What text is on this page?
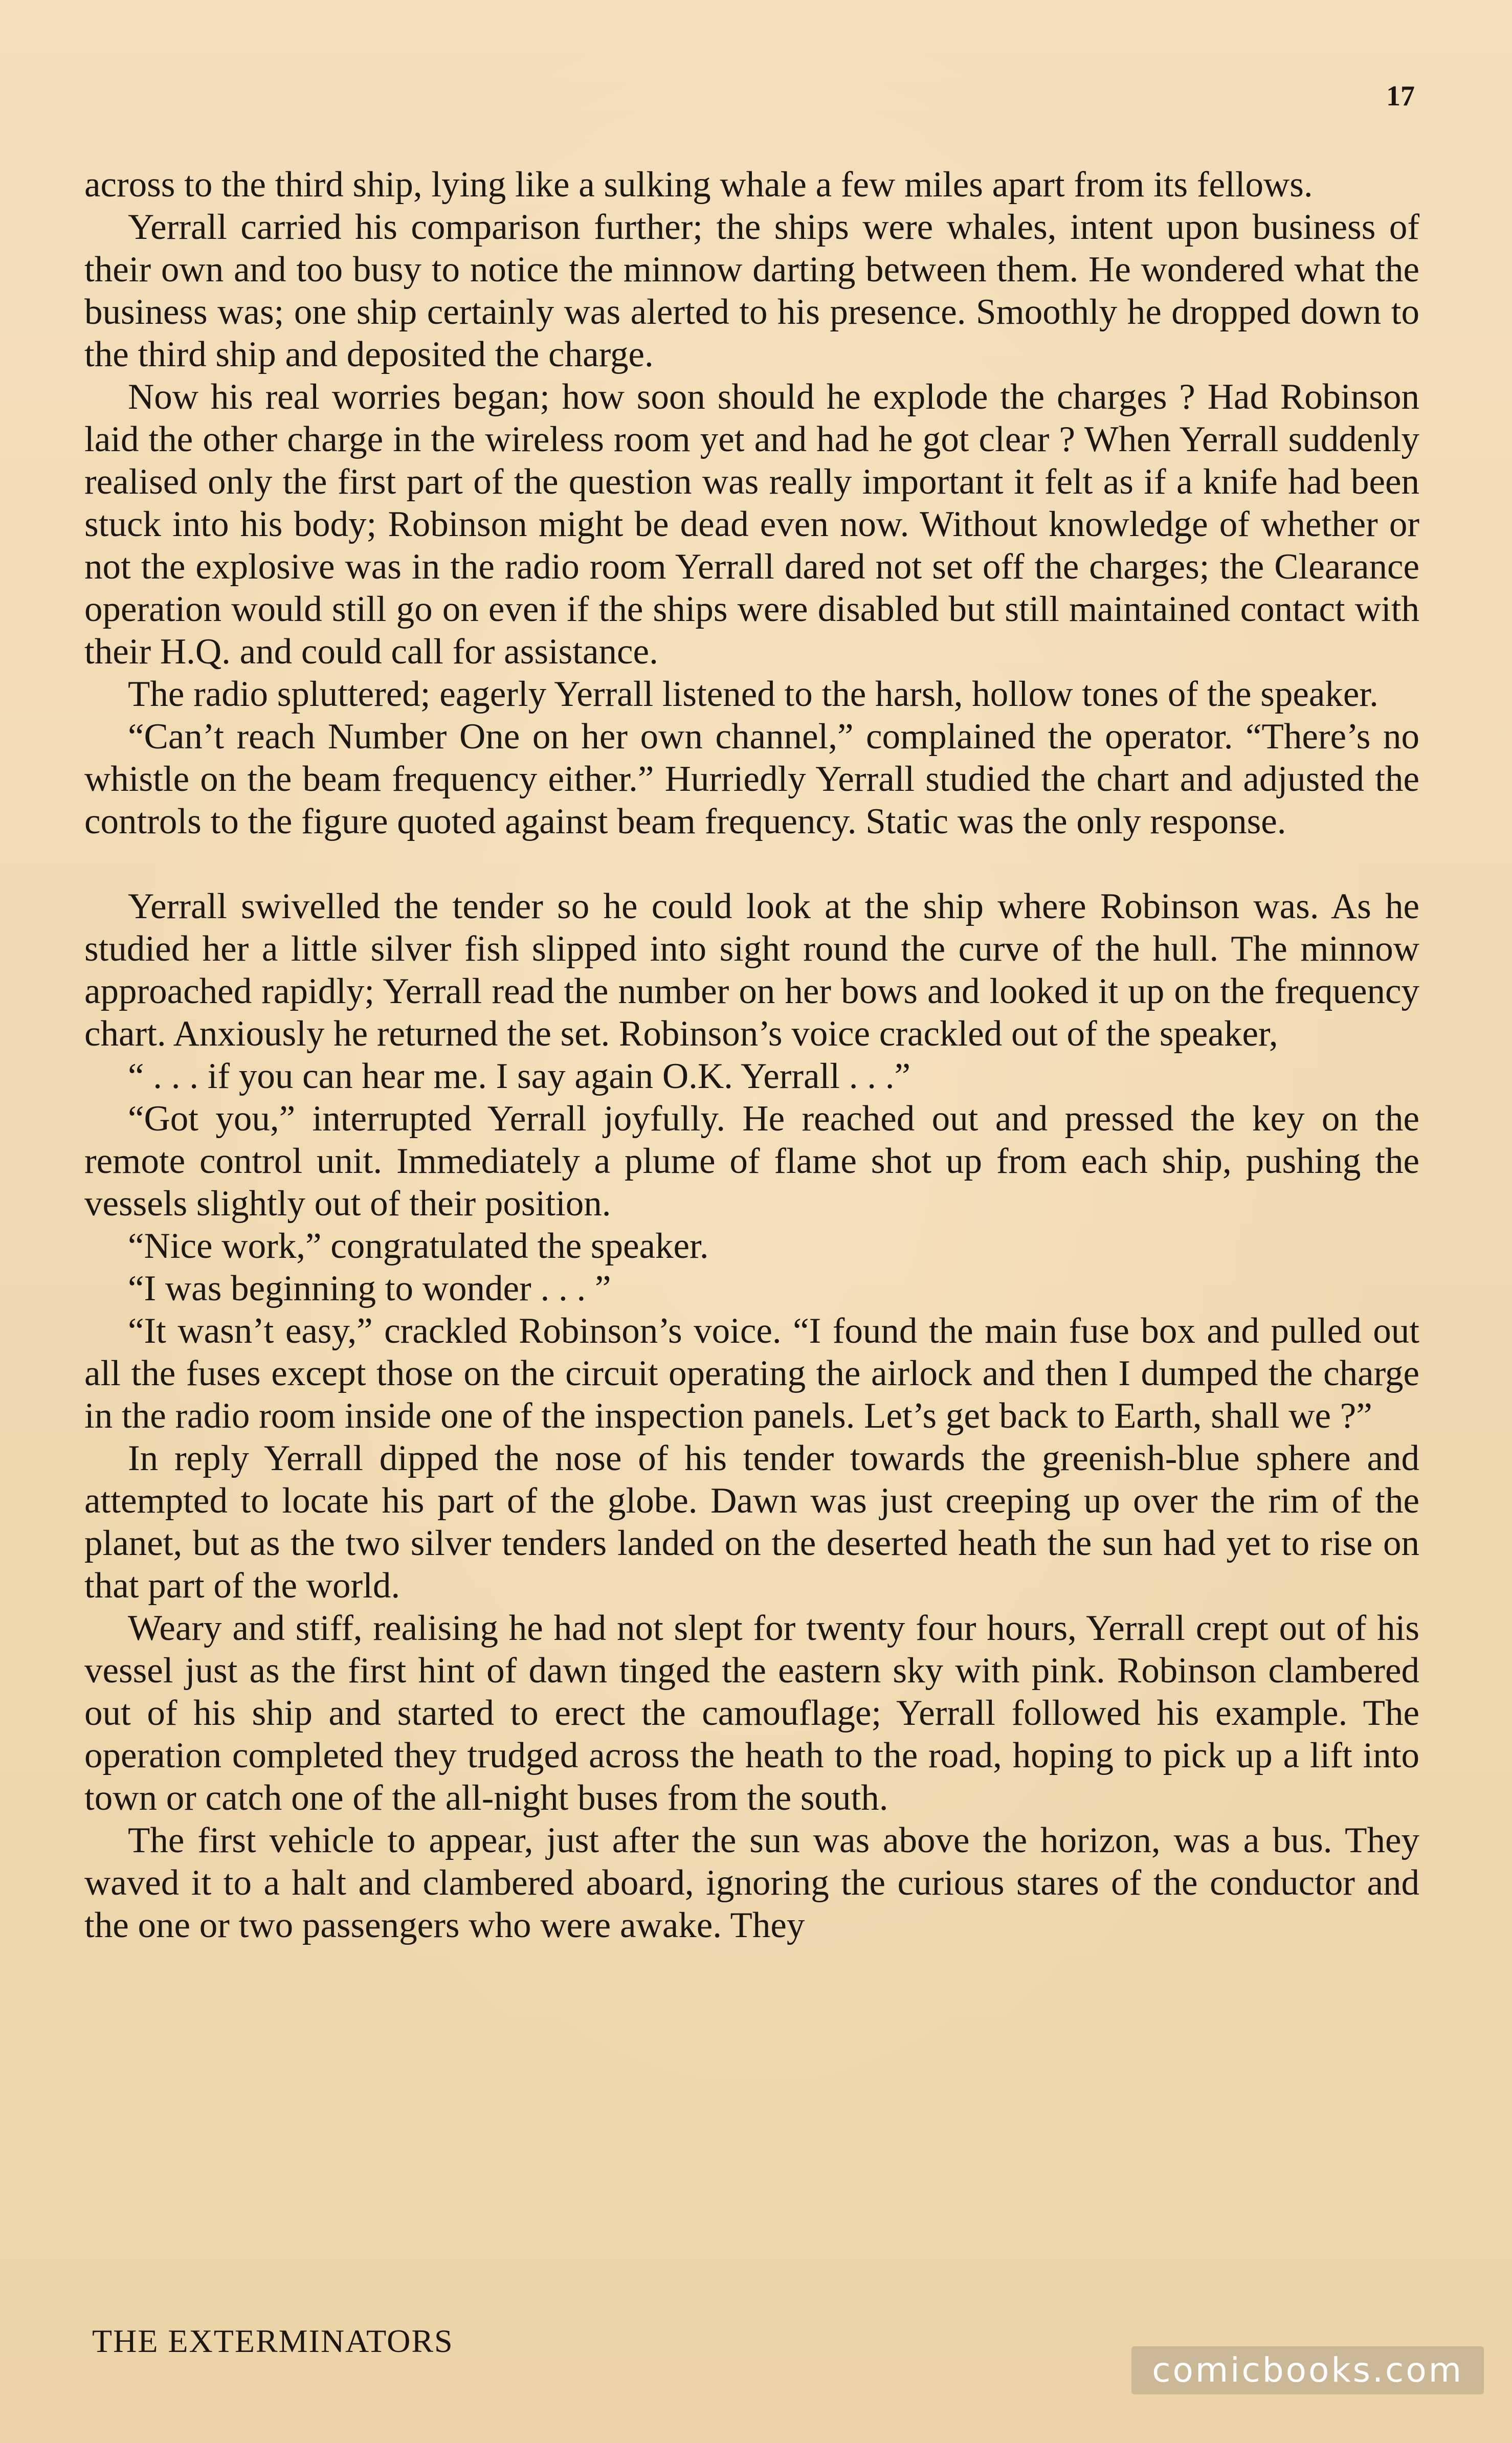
17

across to the third ship, lying like a sulking whale a few miles apart from its fellows.

Yerrall carried his comparison further; the ships were whales, intent upon business of their own and too busy to notice the minnow darting between them. He wondered what the business was; one ship certainly was alerted to his presence. Smoothly he dropped down to the third ship and deposited the charge.

Now his real worries began; how soon should he explode the charges ? Had Robinson laid the other charge in the wireless room yet and had he got clear ? When Yerrall suddenly realised only the first part of the question was really important it felt as if a knife had been stuck into his body; Robinson might be dead even now. Without knowledge of whether or not the explosive was in the radio room Yerrall dared not set off the charges; the Clearance operation would still go on even if the ships were disabled but still maintained contact with their H.Q. and could call for assistance.

The radio spluttered; eagerly Yerrall listened to the harsh, hollow tones of the speaker.

“Can’t reach Number One on her own channel,” complained the operator. “There’s no whistle on the beam frequency either.” Hurriedly Yerrall studied the chart and adjusted the controls to the figure quoted against beam frequency. Static was the only response.

Yerrall swivelled the tender so he could look at the ship where Robinson was. As he studied her a little silver fish slipped into sight round the curve of the hull. The minnow approached rapidly; Yerrall read the number on her bows and looked it up on the frequency chart. Anxiously he returned the set. Robinson’s voice crackled out of the speaker,

“ . . . if you can hear me. I say again O.K. Yerrall . . .”

“Got you,” interrupted Yerrall joyfully. He reached out and pressed the key on the remote control unit. Immediately a plume of flame shot up from each ship, pushing the vessels slightly out of their position.

“Nice work,” congratulated the speaker.

“I was beginning to wonder . . . ”

“It wasn’t easy,” crackled Robinson’s voice. “I found the main fuse box and pulled out all the fuses except those on the circuit operating the airlock and then I dumped the charge in the radio room inside one of the inspection panels. Let’s get back to Earth, shall we ?”

In reply Yerrall dipped the nose of his tender towards the greenish-blue sphere and attempted to locate his part of the globe. Dawn was just creeping up over the rim of the planet, but as the two silver tenders landed on the deserted heath the sun had yet to rise on that part of the world.

Weary and stiff, realising he had not slept for twenty four hours, Yerrall crept out of his vessel just as the first hint of dawn tinged the eastern sky with pink. Robinson clambered out of his ship and started to erect the camouflage; Yerrall followed his example. The operation completed they trudged across the heath to the road, hoping to pick up a lift into town or catch one of the all-night buses from the south.

The first vehicle to appear, just after the sun was above the horizon, was a bus. They waved it to a halt and clambered aboard, ignoring the curious stares of the conductor and the one or two passengers who were awake. They

THE EXTERMINATORS
comicbooks.com
